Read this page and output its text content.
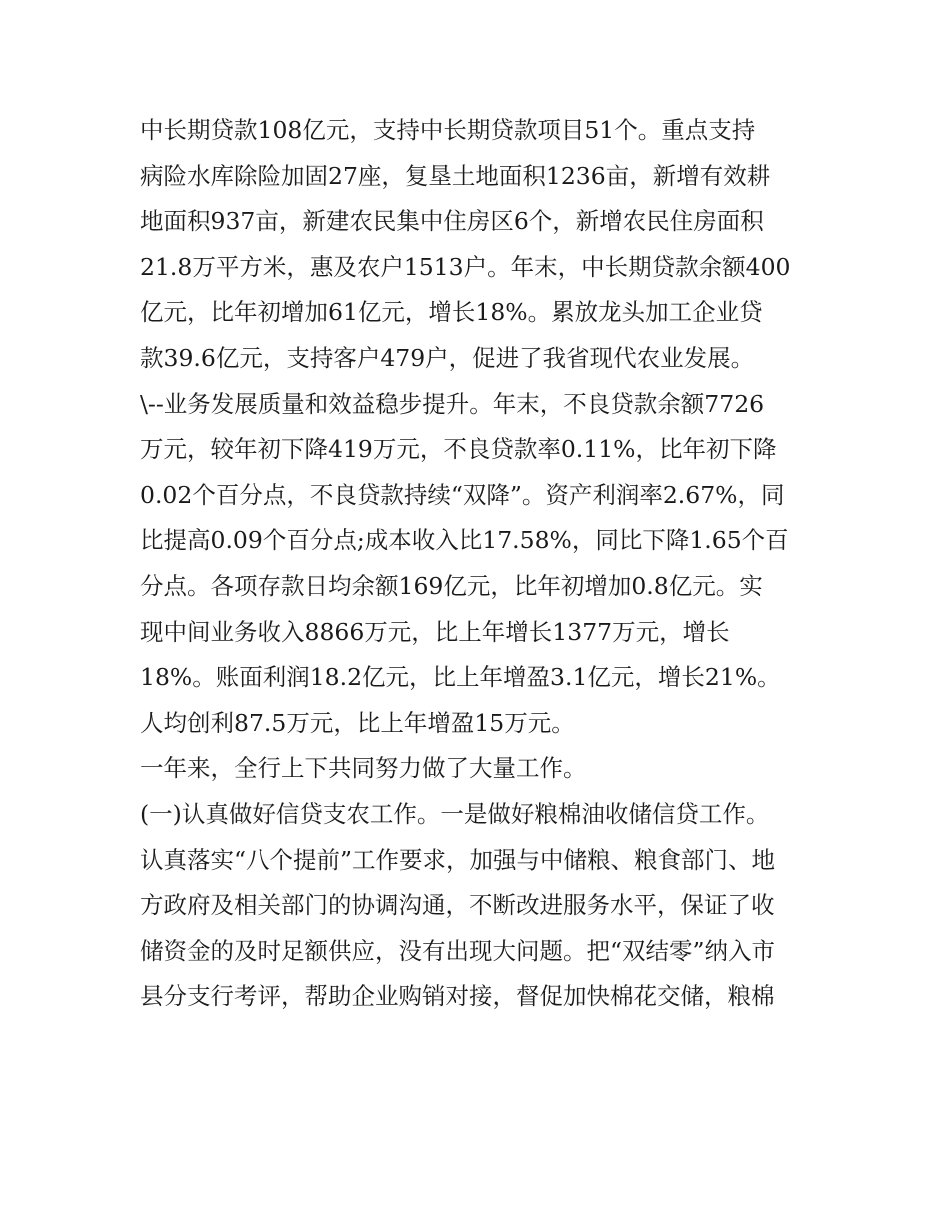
中长期贷款108亿元，支持中长期贷款项目51个。重点支持
病险水库除险加固27座，复垦土地面积1236亩，新增有效耕
地面积937亩，新建农民集中住房区6个，新增农民住房面积
21.8万平方米，惠及农户1513户。年末，中长期贷款余额400
亿元，比年初增加61亿元，增长18%。累放龙头加工企业贷
款39.6亿元，支持客户479户，促进了我省现代农业发展。
\--业务发展质量和效益稳步提升。年末，不良贷款余额7726
万元，较年初下降419万元，不良贷款率0.11%，比年初下降
0.02个百分点，不良贷款持续“双降”。资产利润率2.67%，同
比提高0.09个百分点;成本收入比17.58%，同比下降1.65个百
分点。各项存款日均余额169亿元，比年初增加0.8亿元。实
现中间业务收入8866万元，比上年增长1377万元，增长
18%。账面利润18.2亿元，比上年增盈3.1亿元，增长21%。
人均创利87.5万元，比上年增盈15万元。
一年来，全行上下共同努力做了大量工作。
(一)认真做好信贷支农工作。一是做好粮棉油收储信贷工作。
认真落实“八个提前”工作要求，加强与中储粮、粮食部门、地
方政府及相关部门的协调沟通，不断改进服务水平，保证了收
储资金的及时足额供应，没有出现大问题。把“双结零”纳入市
县分支行考评，帮助企业购销对接，督促加快棉花交储，粮棉
